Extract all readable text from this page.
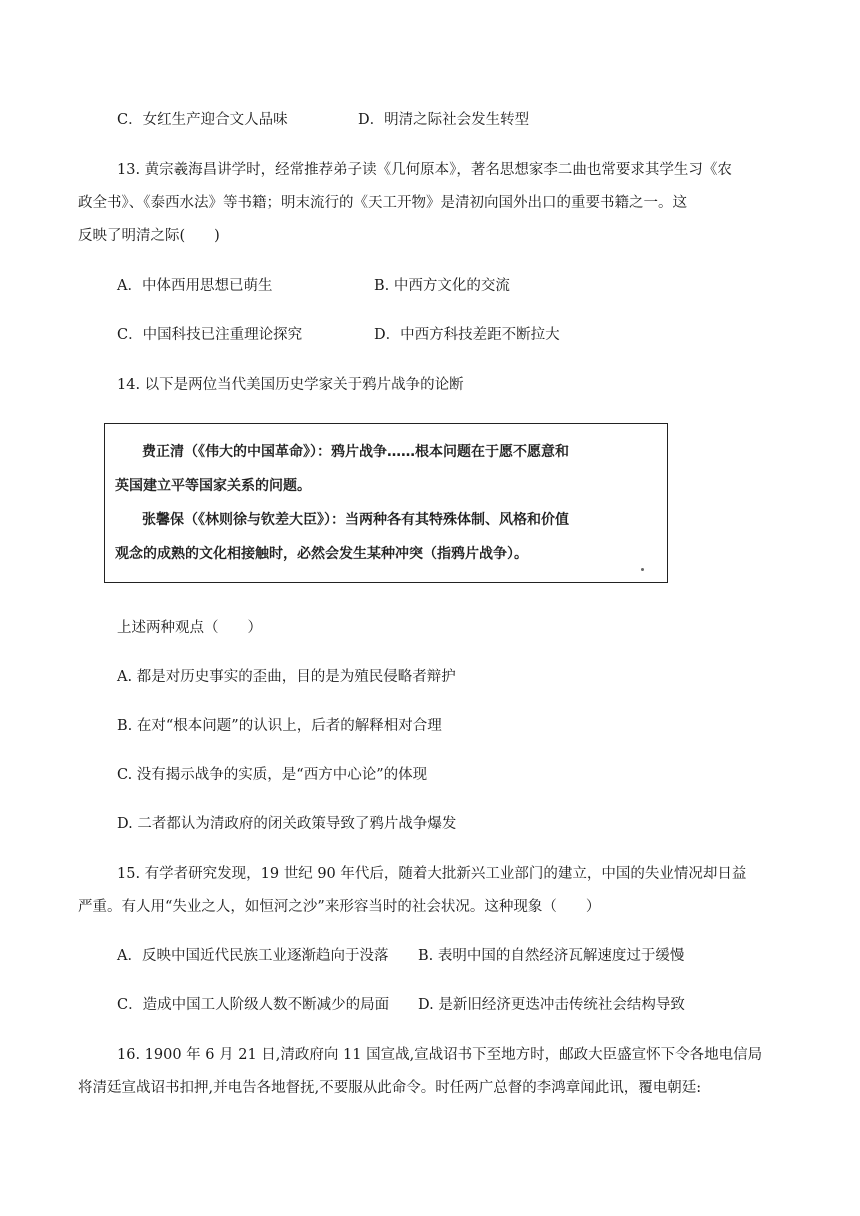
C．女红生产迎合文人品味	D．明清之际社会发生转型
13. 黄宗羲海昌讲学时，经常推荐弟子读《几何原本》，著名思想家李二曲也常要求其学生习《农
政全书》、《泰西水法》等书籍；明末流行的《天工开物》是清初向国外出口的重要书籍之一。这
反映了明清之际(　　)
A．中体西用思想已萌生	B. 中西方文化的交流
C．中国科技已注重理论探究	D．中西方科技差距不断拉大
14. 以下是两位当代美国历史学家关于鸦片战争的论断
费正清（《伟大的中国革命》）：鸦片战争……根本问题在于愿不愿意和
英国建立平等国家关系的问题。
张馨保（《林则徐与钦差大臣》）：当两种各有其特殊体制、风格和价值
观念的成熟的文化相接触时，必然会发生某种冲突（指鸦片战争）。
上述两种观点（　　）
A. 都是对历史事实的歪曲，目的是为殖民侵略者辩护
B. 在对“根本问题”的认识上，后者的解释相对合理
C. 没有揭示战争的实质，是“西方中心论”的体现
D. 二者都认为清政府的闭关政策导致了鸦片战争爆发
15. 有学者研究发现，19 世纪 90 年代后，随着大批新兴工业部门的建立，中国的失业情况却日益
严重。有人用“失业之人，如恒河之沙”来形容当时的社会状况。这种现象（　　）
A．反映中国近代民族工业逐渐趋向于没落 B. 表明中国的自然经济瓦解速度过于缓慢
C．造成中国工人阶级人数不断减少的局面 D. 是新旧经济更迭冲击传统社会结构导致
16. 1900 年 6 月 21 日,清政府向 11 国宣战,宣战诏书下至地方时，邮政大臣盛宣怀下令各地电信局
将清廷宣战诏书扣押,并电告各地督抚,不要服从此命令。时任两广总督的李鸿章闻此讯，覆电朝廷:
